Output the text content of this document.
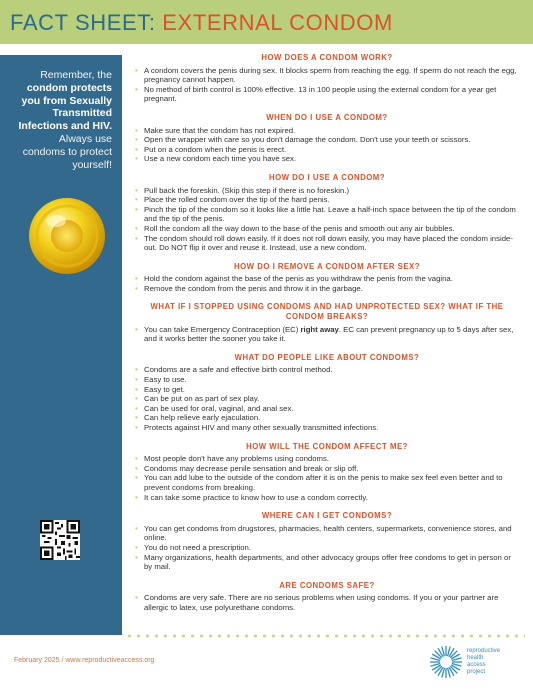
FACT SHEET: EXTERNAL CONDOM
Remember, the condom protects you from Sexually Transmitted Infections and HIV. Always use condoms to protect yourself!
HOW DOES A CONDOM WORK?
• A condom covers the penis during sex. It blocks sperm from reaching the egg. If sperm do not reach the egg, pregnancy cannot happen.
• No method of birth control is 100% effective. 13 in 100 people using the external condom for a year get pregnant.
WHEN DO I USE A CONDOM?
• Make sure that the condom has not expired.
• Open the wrapper with care so you don't damage the condom. Don't use your teeth or scissors.
• Put on a condom when the penis is erect.
• Use a new condom each time you have sex.
HOW DO I USE A CONDOM?
• Pull back the foreskin. (Skip this step if there is no foreskin.)
• Place the rolled condom over the tip of the hard penis.
• Pinch the tip of the condom so it looks like a little hat. Leave a half-inch space between the tip of the condom and the tip of the penis.
• Roll the condom all the way down to the base of the penis and smooth out any air bubbles.
• The condom should roll down easily. If it does not roll down easily, you may have placed the condom inside-out. Do NOT flip it over and reuse it. Instead, use a new condom.
HOW DO I REMOVE A CONDOM AFTER SEX?
• Hold the condom against the base of the penis as you withdraw the penis from the vagina.
• Remove the condom from the penis and throw it in the garbage.
WHAT IF I STOPPED USING CONDOMS AND HAD UNPROTECTED SEX? WHAT IF THE CONDOM BREAKS?
• You can take Emergency Contraception (EC) right away. EC can prevent pregnancy up to 5 days after sex, and it works better the sooner you take it.
WHAT DO PEOPLE LIKE ABOUT CONDOMS?
• Condoms are a safe and effective birth control method.
• Easy to use.
• Easy to get.
• Can be put on as part of sex play.
• Can be used for oral, vaginal, and anal sex.
• Can help relieve early ejaculation.
• Protects against HIV and many other sexually transmitted infections.
HOW WILL THE CONDOM AFFECT ME?
• Most people don't have any problems using condoms.
• Condoms may decrease penile sensation and break or slip off.
• You can add lube to the outside of the condom after it is on the penis to make sex feel even better and to prevent condoms from breaking.
• It can take some practice to know how to use a condom correctly.
WHERE CAN I GET CONDOMS?
• You can get condoms from drugstores, pharmacies, health centers, supermarkets, convenience stores, and online.
• You do not need a prescription.
• Many organizations, health departments, and other advocacy groups offer free condoms to get in person or by mail.
ARE CONDOMS SAFE?
• Condoms are very safe. There are no serious problems when using condoms. If you or your partner are allergic to latex, use polyurethane condoms.
February 2025 / www.reproductiveaccess.org
reproductive
health
access
project
